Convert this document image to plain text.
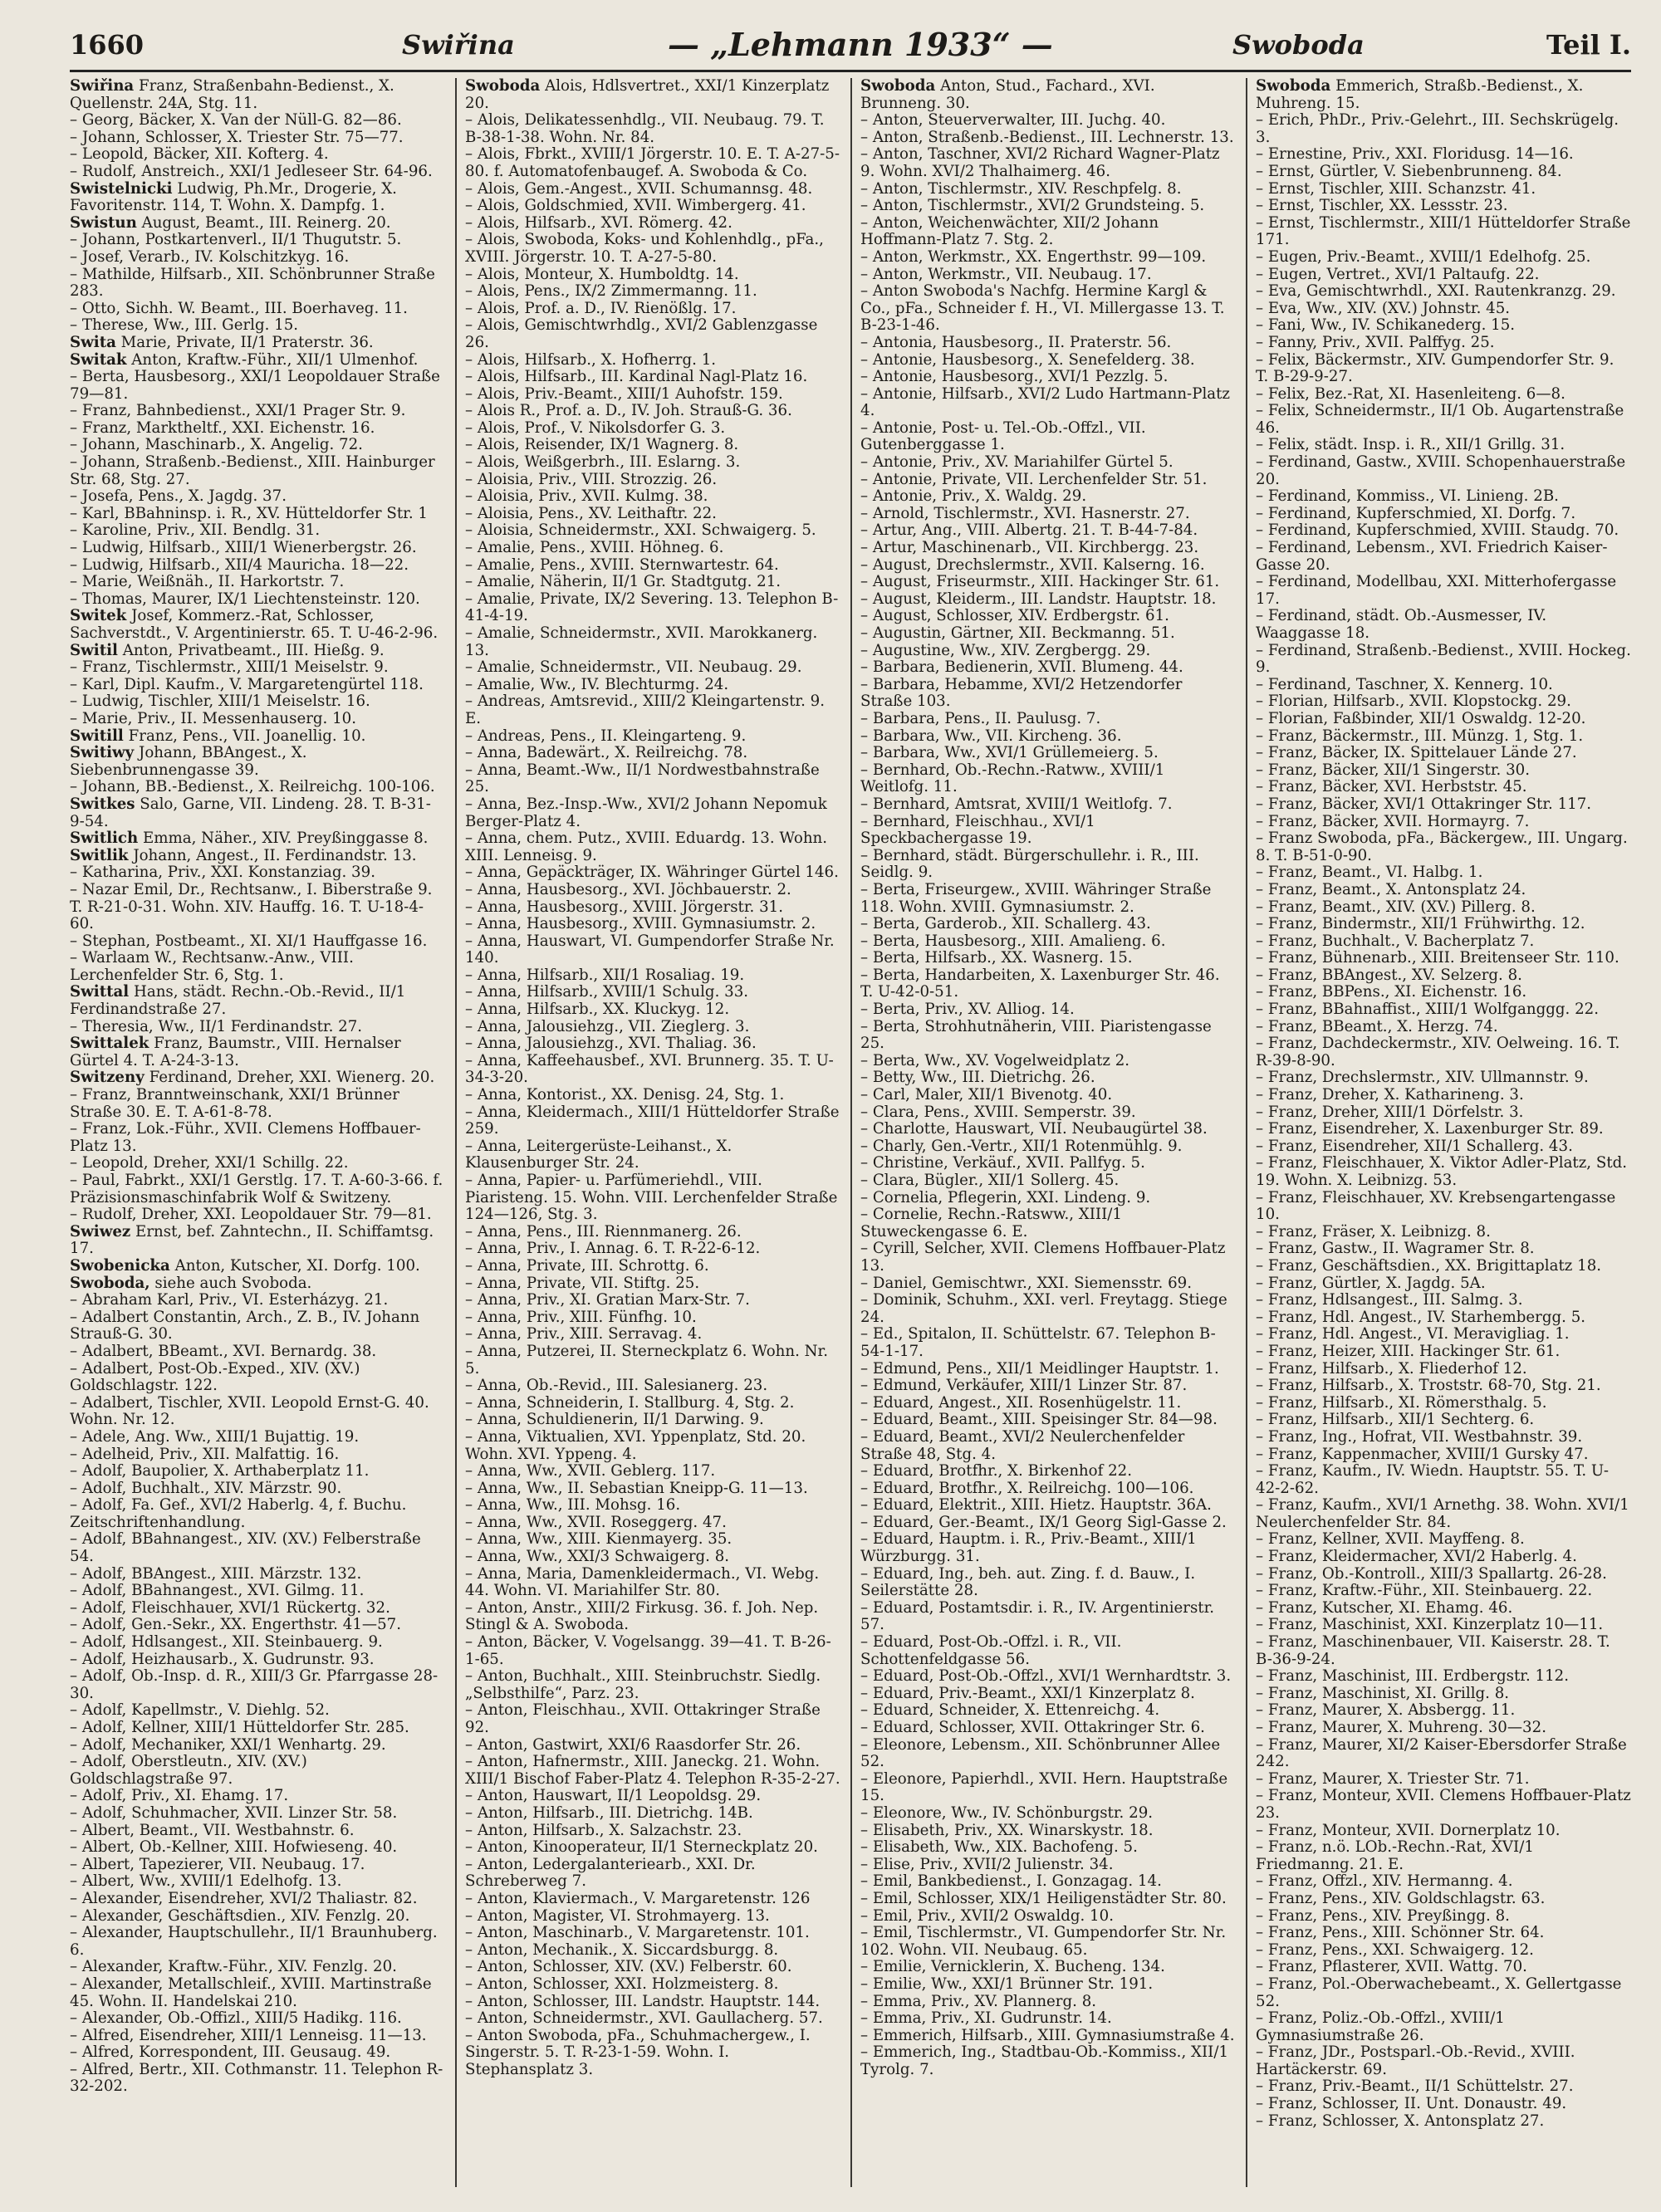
1660	Swiřina	— „Lehmann 1933“ —	Swoboda	Teil I.

Swiřina Franz, Straßenbahn-Bedienst., X. Quellenstr. 24A, Stg. 11.

– Georg, Bäcker, X. Van der Nüll-G. 82—86.

– Johann, Schlosser, X. Triester Str. 75—77.

– Leopold, Bäcker, XII. Kofterg. 4.

– Rudolf, Anstreich., XXI/1 Jedleseer Str. 64-96.

Swistelnicki Ludwig, Ph.Mr., Drogerie, X. Favoritenstr. 114, T. Wohn. X. Dampfg. 1.

Swistun August, Beamt., III. Reinerg. 20.

– Johann, Postkartenverl., II/1 Thugutstr. 5.

– Josef, Verarb., IV. Kolschitzkyg. 16.

– Mathilde, Hilfsarb., XII. Schönbrunner Straße 283.

– Otto, Sichh. W. Beamt., III. Boerhaveg. 11.

– Therese, Ww., III. Gerlg. 15.

Swita Marie, Private, II/1 Praterstr. 36.

Switak Anton, Kraftw.-Führ., XII/1 Ulmenhof.

– Berta, Hausbesorg., XXI/1 Leopoldauer Straße 79—81.

– Franz, Bahnbedienst., XXI/1 Prager Str. 9.

– Franz, Marktheltf., XXI. Eichenstr. 16.

– Johann, Maschinarb., X. Angelig. 72.

– Johann, Straßenb.-Bedienst., XIII. Hainburger Str. 68, Stg. 27.

– Josefa, Pens., X. Jagdg. 37.

– Karl, BBahninsp. i. R., XV. Hütteldorfer Str. 1

– Karoline, Priv., XII. Bendlg. 31.

– Ludwig, Hilfsarb., XIII/1 Wienerbergstr. 26.

– Ludwig, Hilfsarb., XII/4 Mauricha. 18—22.

– Marie, Weißnäh., II. Harkortstr. 7.

– Thomas, Maurer, IX/1 Liechtensteinstr. 120.

Switek Josef, Kommerz.-Rat, Schlosser, Sachverstdt., V. Argentinierstr. 65. T. U-46-2-96.

Switil Anton, Privatbeamt., III. Hießg. 9.

– Franz, Tischlermstr., XIII/1 Meiselstr. 9.

– Karl, Dipl. Kaufm., V. Margaretengürtel 118.

– Ludwig, Tischler, XIII/1 Meiselstr. 16.

– Marie, Priv., II. Messenhauserg. 10.

Switill Franz, Pens., VII. Joanellig. 10.

Switiwy Johann, BBAngest., X. Siebenbrunnengasse 39.

– Johann, BB.-Bedienst., X. Reilreichg. 100-106.

Switkes Salo, Garne, VII. Lindeng. 28. T. B-31-9-54.

Switlich Emma, Näher., XIV. Preyßinggasse 8.

Switlik Johann, Angest., II. Ferdinandstr. 13.

– Katharina, Priv., XXI. Konstanziag. 39.

– Nazar Emil, Dr., Rechtsanw., I. Biberstraße 9. T. R-21-0-31. Wohn. XIV. Hauffg. 16. T. U-18-4-60.

– Stephan, Postbeamt., XI. XI/1 Hauffgasse 16.

– Warlaam W., Rechtsanw.-Anw., VIII. Lerchenfelder Str. 6, Stg. 1.

Swittal Hans, städt. Rechn.-Ob.-Revid., II/1 Ferdinandstraße 27.

– Theresia, Ww., II/1 Ferdinandstr. 27.

Swittalek Franz, Baumstr., VIII. Hernalser Gürtel 4. T. A-24-3-13.

Switzeny Ferdinand, Dreher, XXI. Wienerg. 20.

– Franz, Branntweinschank, XXI/1 Brünner Straße 30. E. T. A-61-8-78.

– Franz, Lok.-Führ., XVII. Clemens Hoffbauer-Platz 13.

– Leopold, Dreher, XXI/1 Schillg. 22.

– Paul, Fabrkt., XXI/1 Gerstlg. 17. T. A-60-3-66. f. Präzisionsmaschinfabrik Wolf & Switzeny.

– Rudolf, Dreher, XXI. Leopoldauer Str. 79—81.

Swiwez Ernst, bef. Zahntechn., II. Schiffamtsg. 17.

Swobenicka Anton, Kutscher, XI. Dorfg. 100.

Swoboda, siehe auch Svoboda.

– Abraham Karl, Priv., VI. Esterházyg. 21.

– Adalbert Constantin, Arch., Z. B., IV. Johann Strauß-G. 30.

– Adalbert, BBeamt., XVI. Bernardg. 38.

– Adalbert, Post-Ob.-Exped., XIV. (XV.) Goldschlagstr. 122.

– Adalbert, Tischler, XVII. Leopold Ernst-G. 40. Wohn. Nr. 12.

– Adele, Ang. Ww., XIII/1 Bujattig. 19.

– Adelheid, Priv., XII. Malfattig. 16.

– Adolf, Baupolier, X. Arthaberplatz 11.

– Adolf, Buchhalt., XIV. Märzstr. 90.

– Adolf, Fa. Gef., XVI/2 Haberlg. 4, f. Buchu. Zeitschriftenhandlung.

– Adolf, BBahnangest., XIV. (XV.) Felberstraße 54.

– Adolf, BBAngest., XIII. Märzstr. 132.

– Adolf, BBahnangest., XVI. Gilmg. 11.

– Adolf, Fleischhauer, XVI/1 Rückertg. 32.

– Adolf, Gen.-Sekr., XX. Engerthstr. 41—57.

– Adolf, Hdlsangest., XII. Steinbauerg. 9.

– Adolf, Heizhausarb., X. Gudrunstr. 93.

– Adolf, Ob.-Insp. d. R., XIII/3 Gr. Pfarrgasse 28-30.

– Adolf, Kapellmstr., V. Diehlg. 52.

– Adolf, Kellner, XIII/1 Hütteldorfer Str. 285.

– Adolf, Mechaniker, XXI/1 Wenhartg. 29.

– Adolf, Oberstleutn., XIV. (XV.) Goldschlagstraße 97.

– Adolf, Priv., XI. Ehamg. 17.

– Adolf, Schuhmacher, XVII. Linzer Str. 58.

– Albert, Beamt., VII. Westbahnstr. 6.

– Albert, Ob.-Kellner, XIII. Hofwieseng. 40.

– Albert, Tapezierer, VII. Neubaug. 17.

– Albert, Ww., XVIII/1 Edelhofg. 13.

– Alexander, Eisendreher, XVI/2 Thaliastr. 82.

– Alexander, Geschäftsdien., XIV. Fenzlg. 20.

– Alexander, Hauptschullehr., II/1 Braunhuberg. 6.

– Alexander, Kraftw.-Führ., XIV. Fenzlg. 20.

– Alexander, Metallschleif., XVIII. Martinstraße 45. Wohn. II. Handelskai 210.

– Alexander, Ob.-Offizl., XIII/5 Hadikg. 116.

– Alfred, Eisendreher, XIII/1 Lenneisg. 11—13.

– Alfred, Korrespondent, III. Geusaug. 49.

– Alfred, Bertr., XII. Cothmanstr. 11. Telephon R-32-202.

Swoboda Alois, Hdlsvertret., XXI/1 Kinzerplatz 20.

– Alois, Delikatessenhdlg., VII. Neubaug. 79. T. B-38-1-38. Wohn. Nr. 84.

– Alois, Fbrkt., XVIII/1 Jörgerstr. 10. E. T. A-27-5-80. f. Automatofenbaugef. A. Swoboda & Co.

– Alois, Gem.-Angest., XVII. Schumannsg. 48.

– Alois, Goldschmied, XVII. Wimbergerg. 41.

– Alois, Hilfsarb., XVI. Römerg. 42.

– Alois, Swoboda, Koks- und Kohlenhdlg., pFa., XVIII. Jörgerstr. 10. T. A-27-5-80.

– Alois, Monteur, X. Humboldtg. 14.

– Alois, Pens., IX/2 Zimmermanng. 11.

– Alois, Prof. a. D., IV. Rienößlg. 17.

– Alois, Gemischtwrhdlg., XVI/2 Gablenzgasse 26.

– Alois, Hilfsarb., X. Hofherrg. 1.

– Alois, Hilfsarb., III. Kardinal Nagl-Platz 16.

– Alois, Priv.-Beamt., XIII/1 Auhofstr. 159.

– Alois R., Prof. a. D., IV. Joh. Strauß-G. 36.

– Alois, Prof., V. Nikolsdorfer G. 3.

– Alois, Reisender, IX/1 Wagnerg. 8.

– Alois, Weißgerbrh., III. Eslarng. 3.

– Aloisia, Priv., VIII. Strozzig. 26.

– Aloisia, Priv., XVII. Kulmg. 38.

– Aloisia, Pens., XV. Leithaftr. 22.

– Aloisia, Schneidermstr., XXI. Schwaigerg. 5.

– Amalie, Pens., XVIII. Höhneg. 6.

– Amalie, Pens., XVIII. Sternwartestr. 64.

– Amalie, Näherin, II/1 Gr. Stadtgutg. 21.

– Amalie, Private, IX/2 Severing. 13. Telephon B-41-4-19.

– Amalie, Schneidermstr., XVII. Marokkanerg. 13.

– Amalie, Schneidermstr., VII. Neubaug. 29.

– Amalie, Ww., IV. Blechturmg. 24.

– Andreas, Amtsrevid., XIII/2 Kleingartenstr. 9. E.

– Andreas, Pens., II. Kleingarteng. 9.

– Anna, Badewärt., X. Reilreichg. 78.

– Anna, Beamt.-Ww., II/1 Nordwestbahnstraße 25.

– Anna, Bez.-Insp.-Ww., XVI/2 Johann Nepomuk Berger-Platz 4.

– Anna, chem. Putz., XVIII. Eduardg. 13. Wohn. XIII. Lenneisg. 9.

– Anna, Gepäckträger, IX. Währinger Gürtel 146.

– Anna, Hausbesorg., XVI. Jöchbauerstr. 2.

– Anna, Hausbesorg., XVIII. Jörgerstr. 31.

– Anna, Hausbesorg., XVIII. Gymnasiumstr. 2.

– Anna, Hauswart, VI. Gumpendorfer Straße Nr. 140.

– Anna, Hilfsarb., XII/1 Rosaliag. 19.

– Anna, Hilfsarb., XVIII/1 Schulg. 33.

– Anna, Hilfsarb., XX. Kluckyg. 12.

– Anna, Jalousiehzg., VII. Zieglerg. 3.

– Anna, Jalousiehzg., XVI. Thaliag. 36.

– Anna, Kaffeehausbef., XVI. Brunnerg. 35. T. U-34-3-20.

– Anna, Kontorist., XX. Denisg. 24, Stg. 1.

– Anna, Kleidermach., XIII/1 Hütteldorfer Straße 259.

– Anna, Leitergerüste-Leihanst., X. Klausenburger Str. 24.

– Anna, Papier- u. Parfümeriehdl., VIII. Piaristeng. 15. Wohn. VIII. Lerchenfelder Straße 124—126, Stg. 3.

– Anna, Pens., III. Riennmanerg. 26.

– Anna, Priv., I. Annag. 6. T. R-22-6-12.

– Anna, Private, III. Schrottg. 6.

– Anna, Private, VII. Stiftg. 25.

– Anna, Priv., XI. Gratian Marx-Str. 7.

– Anna, Priv., XIII. Fünfhg. 10.

– Anna, Priv., XIII. Serravag. 4.

– Anna, Putzerei, II. Sterneckplatz 6. Wohn. Nr. 5.

– Anna, Ob.-Revid., III. Salesianerg. 23.

– Anna, Schneiderin, I. Stallburg. 4, Stg. 2.

– Anna, Schuldienerin, II/1 Darwing. 9.

– Anna, Viktualien, XVI. Yppenplatz, Std. 20. Wohn. XVI. Yppeng. 4.

– Anna, Ww., XVII. Geblerg. 117.

– Anna, Ww., II. Sebastian Kneipp-G. 11—13.

– Anna, Ww., III. Mohsg. 16.

– Anna, Ww., XVII. Roseggerg. 47.

– Anna, Ww., XIII. Kienmayerg. 35.

– Anna, Ww., XXI/3 Schwaigerg. 8.

– Anna, Maria, Damenkleidermach., VI. Webg. 44. Wohn. VI. Mariahilfer Str. 80.

– Anton, Anstr., XIII/2 Firkusg. 36. f. Joh. Nep. Stingl & A. Swoboda.

– Anton, Bäcker, V. Vogelsangg. 39—41. T. B-26-1-65.

– Anton, Buchhalt., XIII. Steinbruchstr. Siedlg. „Selbsthilfe“, Parz. 23.

– Anton, Fleischhau., XVII. Ottakringer Straße 92.

– Anton, Gastwirt, XXI/6 Raasdorfer Str. 26.

– Anton, Hafnermstr., XIII. Janeckg. 21. Wohn. XIII/1 Bischof Faber-Platz 4. Telephon R-35-2-27.

– Anton, Hauswart, II/1 Leopoldsg. 29.

– Anton, Hilfsarb., III. Dietrichg. 14B.

– Anton, Hilfsarb., X. Salzachstr. 23.

– Anton, Kinooperateur, II/1 Sterneckplatz 20.

– Anton, Ledergalanteriearb., XXI. Dr. Schreberweg 7.

– Anton, Klaviermach., V. Margaretenstr. 126

– Anton, Magister, VI. Strohmayerg. 13.

– Anton, Maschinarb., V. Margaretenstr. 101.

– Anton, Mechanik., X. Siccardsburgg. 8.

– Anton, Schlosser, XIV. (XV.) Felberstr. 60.

– Anton, Schlosser, XXI. Holzmeisterg. 8.

– Anton, Schlosser, III. Landstr. Hauptstr. 144.

– Anton, Schneidermstr., XVI. Gaullacherg. 57.

– Anton Swoboda, pFa., Schuhmachergew., I. Singerstr. 5. T. R-23-1-59. Wohn. I. Stephansplatz 3.

Swoboda Anton, Stud., Fachard., XVI. Brunneng. 30.

– Anton, Steuerverwalter, III. Juchg. 40.

– Anton, Straßenb.-Bedienst., III. Lechnerstr. 13.

– Anton, Taschner, XVI/2 Richard Wagner-Platz 9. Wohn. XVI/2 Thalhaimerg. 46.

– Anton, Tischlermstr., XIV. Reschpfelg. 8.

– Anton, Tischlermstr., XVI/2 Grundsteing. 5.

– Anton, Weichenwächter, XII/2 Johann Hoffmann-Platz 7. Stg. 2.

– Anton, Werkmstr., XX. Engerthstr. 99—109.

– Anton, Werkmstr., VII. Neubaug. 17.

– Anton Swoboda's Nachfg. Hermine Kargl & Co., pFa., Schneider f. H., VI. Millergasse 13. T. B-23-1-46.

– Antonia, Hausbesorg., II. Praterstr. 56.

– Antonie, Hausbesorg., X. Senefelderg. 38.

– Antonie, Hausbesorg., XVI/1 Pezzlg. 5.

– Antonie, Hilfsarb., XVI/2 Ludo Hartmann-Platz 4.

– Antonie, Post- u. Tel.-Ob.-Offzl., VII. Gutenberggasse 1.

– Antonie, Priv., XV. Mariahilfer Gürtel 5.

– Antonie, Private, VII. Lerchenfelder Str. 51.

– Antonie, Priv., X. Waldg. 29.

– Arnold, Tischlermstr., XVI. Hasnerstr. 27.

– Artur, Ang., VIII. Albertg. 21. T. B-44-7-84.

– Artur, Maschinenarb., VII. Kirchbergg. 23.

– August, Drechslermstr., XVII. Kalserng. 16.

– August, Friseurmstr., XIII. Hackinger Str. 61.

– August, Kleiderm., III. Landstr. Hauptstr. 18.

– August, Schlosser, XIV. Erdbergstr. 61.

– Augustin, Gärtner, XII. Beckmanng. 51.

– Augustine, Ww., XIV. Zergbergg. 29.

– Barbara, Bedienerin, XVII. Blumeng. 44.

– Barbara, Hebamme, XVI/2 Hetzendorfer Straße 103.

– Barbara, Pens., II. Paulusg. 7.

– Barbara, Ww., VII. Kircheng. 36.

– Barbara, Ww., XVI/1 Grüllemeierg. 5.

– Bernhard, Ob.-Rechn.-Ratww., XVIII/1 Weitlofg. 11.

– Bernhard, Amtsrat, XVIII/1 Weitlofg. 7.

– Bernhard, Fleischhau., XVI/1 Speckbachergasse 19.

– Bernhard, städt. Bürgerschullehr. i. R., III. Seidlg. 9.

– Berta, Friseurgew., XVIII. Währinger Straße 118. Wohn. XVIII. Gymnasiumstr. 2.

– Berta, Garderob., XII. Schallerg. 43.

– Berta, Hausbesorg., XIII. Amalieng. 6.

– Berta, Hilfsarb., XX. Wasnerg. 15.

– Berta, Handarbeiten, X. Laxenburger Str. 46. T. U-42-0-51.

– Berta, Priv., XV. Alliog. 14.

– Berta, Strohhutnäherin, VIII. Piaristengasse 25.

– Berta, Ww., XV. Vogelweidplatz 2.

– Betty, Ww., III. Dietrichg. 26.

– Carl, Maler, XII/1 Bivenotg. 40.

– Clara, Pens., XVIII. Semperstr. 39.

– Charlotte, Hauswart, VII. Neubaugürtel 38.

– Charly, Gen.-Vertr., XII/1 Rotenmühlg. 9.

– Christine, Verkäuf., XVII. Pallfyg. 5.

– Clara, Bügler., XII/1 Sollerg. 45.

– Cornelia, Pflegerin, XXI. Lindeng. 9.

– Cornelie, Rechn.-Ratsww., XIII/1 Stuweckengasse 6. E.

– Cyrill, Selcher, XVII. Clemens Hoffbauer-Platz 13.

– Daniel, Gemischtwr., XXI. Siemensstr. 69.

– Dominik, Schuhm., XXI. verl. Freytagg. Stiege 24.

– Ed., Spitalon, II. Schüttelstr. 67. Telephon B-54-1-17.

– Edmund, Pens., XII/1 Meidlinger Hauptstr. 1.

– Edmund, Verkäufer, XIII/1 Linzer Str. 87.

– Eduard, Angest., XII. Rosenhügelstr. 11.

– Eduard, Beamt., XIII. Speisinger Str. 84—98.

– Eduard, Beamt., XVI/2 Neulerchenfelder Straße 48, Stg. 4.

– Eduard, Brotfhr., X. Birkenhof 22.

– Eduard, Brotfhr., X. Reilreichg. 100—106.

– Eduard, Elektrit., XIII. Hietz. Hauptstr. 36A.

– Eduard, Ger.-Beamt., IX/1 Georg Sigl-Gasse 2.

– Eduard, Hauptm. i. R., Priv.-Beamt., XIII/1 Würzburgg. 31.

– Eduard, Ing., beh. aut. Zing. f. d. Bauw., I. Seilerstätte 28.

– Eduard, Postamtsdir. i. R., IV. Argentinierstr. 57.

– Eduard, Post-Ob.-Offzl. i. R., VII. Schottenfeldgasse 56.

– Eduard, Post-Ob.-Offzl., XVI/1 Wernhardtstr. 3.

– Eduard, Priv.-Beamt., XXI/1 Kinzerplatz 8.

– Eduard, Schneider, X. Ettenreichg. 4.

– Eduard, Schlosser, XVII. Ottakringer Str. 6.

– Eleonore, Lebensm., XII. Schönbrunner Allee 52.

– Eleonore, Papierhdl., XVII. Hern. Hauptstraße 15.

– Eleonore, Ww., IV. Schönburgstr. 29.

– Elisabeth, Priv., XX. Winarskystr. 18.

– Elisabeth, Ww., XIX. Bachofeng. 5.

– Elise, Priv., XVII/2 Julienstr. 34.

– Emil, Bankbedienst., I. Gonzagag. 14.

– Emil, Schlosser, XIX/1 Heiligenstädter Str. 80.

– Emil, Priv., XVII/2 Oswaldg. 10.

– Emil, Tischlermstr., VI. Gumpendorfer Str. Nr. 102. Wohn. VII. Neubaug. 65.

– Emilie, Vernicklerin, X. Bucheng. 134.

– Emilie, Ww., XXI/1 Brünner Str. 191.

– Emma, Priv., XV. Plannerg. 8.

– Emma, Priv., XI. Gudrunstr. 14.

– Emmerich, Hilfsarb., XIII. Gymnasiumstraße 4.

– Emmerich, Ing., Stadtbau-Ob.-Kommiss., XII/1 Tyrolg. 7.

Swoboda Emmerich, Straßb.-Bedienst., X. Muhreng. 15.

– Erich, PhDr., Priv.-Gelehrt., III. Sechskrügelg. 3.

– Ernestine, Priv., XXI. Floridusg. 14—16.

– Ernst, Gürtler, V. Siebenbrunneng. 84.

– Ernst, Tischler, XIII. Schanzstr. 41.

– Ernst, Tischler, XX. Lessstr. 23.

– Ernst, Tischlermstr., XIII/1 Hütteldorfer Straße 171.

– Eugen, Priv.-Beamt., XVIII/1 Edelhofg. 25.

– Eugen, Vertret., XVI/1 Paltaufg. 22.

– Eva, Gemischtwrhdl., XXI. Rautenkranzg. 29.

– Eva, Ww., XIV. (XV.) Johnstr. 45.

– Fani, Ww., IV. Schikanederg. 15.

– Fanny, Priv., XVII. Palffyg. 25.

– Felix, Bäckermstr., XIV. Gumpendorfer Str. 9. T. B-29-9-27.

– Felix, Bez.-Rat, XI. Hasenleiteng. 6—8.

– Felix, Schneidermstr., II/1 Ob. Augartenstraße 46.

– Felix, städt. Insp. i. R., XII/1 Grillg. 31.

– Ferdinand, Gastw., XVIII. Schopenhauerstraße 20.

– Ferdinand, Kommiss., VI. Linieng. 2B.

– Ferdinand, Kupferschmied, XI. Dorfg. 7.

– Ferdinand, Kupferschmied, XVIII. Staudg. 70.

– Ferdinand, Lebensm., XVI. Friedrich Kaiser-Gasse 20.

– Ferdinand, Modellbau, XXI. Mitterhofergasse 17.

– Ferdinand, städt. Ob.-Ausmesser, IV. Waaggasse 18.

– Ferdinand, Straßenb.-Bedienst., XVIII. Hockeg. 9.

– Ferdinand, Taschner, X. Kennerg. 10.

– Florian, Hilfsarb., XVII. Klopstockg. 29.

– Florian, Faßbinder, XII/1 Oswaldg. 12-20.

– Franz, Bäckermstr., III. Münzg. 1, Stg. 1.

– Franz, Bäcker, IX. Spittelauer Lände 27.

– Franz, Bäcker, XII/1 Singerstr. 30.

– Franz, Bäcker, XVI. Herbststr. 45.

– Franz, Bäcker, XVI/1 Ottakringer Str. 117.

– Franz, Bäcker, XVII. Hormayrg. 7.

– Franz Swoboda, pFa., Bäckergew., III. Ungarg. 8. T. B-51-0-90.

– Franz, Beamt., VI. Halbg. 1.

– Franz, Beamt., X. Antonsplatz 24.

– Franz, Beamt., XIV. (XV.) Pillerg. 8.

– Franz, Bindermstr., XII/1 Frühwirthg. 12.

– Franz, Buchhalt., V. Bacherplatz 7.

– Franz, Bühnenarb., XIII. Breitenseer Str. 110.

– Franz, BBAngest., XV. Selzerg. 8.

– Franz, BBPens., XI. Eichenstr. 16.

– Franz, BBahnaffist., XIII/1 Wolfganggg. 22.

– Franz, BBeamt., X. Herzg. 74.

– Franz, Dachdeckermstr., XIV. Oelweing. 16. T. R-39-8-90.

– Franz, Drechslermstr., XIV. Ullmannstr. 9.

– Franz, Dreher, X. Katharineng. 3.

– Franz, Dreher, XIII/1 Dörfelstr. 3.

– Franz, Eisendreher, X. Laxenburger Str. 89.

– Franz, Eisendreher, XII/1 Schallerg. 43.

– Franz, Fleischhauer, X. Viktor Adler-Platz, Std. 19. Wohn. X. Leibnizg. 53.

– Franz, Fleischhauer, XV. Krebsengartengasse 10.

– Franz, Fräser, X. Leibnizg. 8.

– Franz, Gastw., II. Wagramer Str. 8.

– Franz, Geschäftsdien., XX. Brigittaplatz 18.

– Franz, Gürtler, X. Jagdg. 5A.

– Franz, Hdlsangest., III. Salmg. 3.

– Franz, Hdl. Angest., IV. Starhembergg. 5.

– Franz, Hdl. Angest., VI. Meravigliag. 1.

– Franz, Heizer, XIII. Hackinger Str. 61.

– Franz, Hilfsarb., X. Fliederhof 12.

– Franz, Hilfsarb., X. Troststr. 68-70, Stg. 21.

– Franz, Hilfsarb., XI. Römersthalg. 5.

– Franz, Hilfsarb., XII/1 Sechterg. 6.

– Franz, Ing., Hofrat, VII. Westbahnstr. 39.

– Franz, Kappenmacher, XVIII/1 Gursky 47.

– Franz, Kaufm., IV. Wiedn. Hauptstr. 55. T. U-42-2-62.

– Franz, Kaufm., XVI/1 Arnethg. 38. Wohn. XVI/1 Neulerchenfelder Str. 84.

– Franz, Kellner, XVII. Mayffeng. 8.

– Franz, Kleidermacher, XVI/2 Haberlg. 4.

– Franz, Ob.-Kontroll., XIII/3 Spallartg. 26-28.

– Franz, Kraftw.-Führ., XII. Steinbauerg. 22.

– Franz, Kutscher, XI. Ehamg. 46.

– Franz, Maschinist, XXI. Kinzerplatz 10—11.

– Franz, Maschinenbauer, VII. Kaiserstr. 28. T. B-36-9-24.

– Franz, Maschinist, III. Erdbergstr. 112.

– Franz, Maschinist, XI. Grillg. 8.

– Franz, Maurer, X. Absbergg. 11.

– Franz, Maurer, X. Muhreng. 30—32.

– Franz, Maurer, XI/2 Kaiser-Ebersdorfer Straße 242.

– Franz, Maurer, X. Triester Str. 71.

– Franz, Monteur, XVII. Clemens Hoffbauer-Platz 23.

– Franz, Monteur, XVII. Dornerplatz 10.

– Franz, n.ö. LOb.-Rechn.-Rat, XVI/1 Friedmanng. 21. E.

– Franz, Offzl., XIV. Hermanng. 4.

– Franz, Pens., XIV. Goldschlagstr. 63.

– Franz, Pens., XIV. Preyßingg. 8.

– Franz, Pens., XIII. Schönner Str. 64.

– Franz, Pens., XXI. Schwaigerg. 12.

– Franz, Pflasterer, XVII. Wattg. 70.

– Franz, Pol.-Oberwachebeamt., X. Gellertgasse 52.

– Franz, Poliz.-Ob.-Offzl., XVIII/1 Gymnasiumstraße 26.

– Franz, JDr., Postsparl.-Ob.-Revid., XVIII. Hartäckerstr. 69.

– Franz, Priv.-Beamt., II/1 Schüttelstr. 27.

– Franz, Schlosser, II. Unt. Donaustr. 49.

– Franz, Schlosser, X. Antonsplatz 27.
